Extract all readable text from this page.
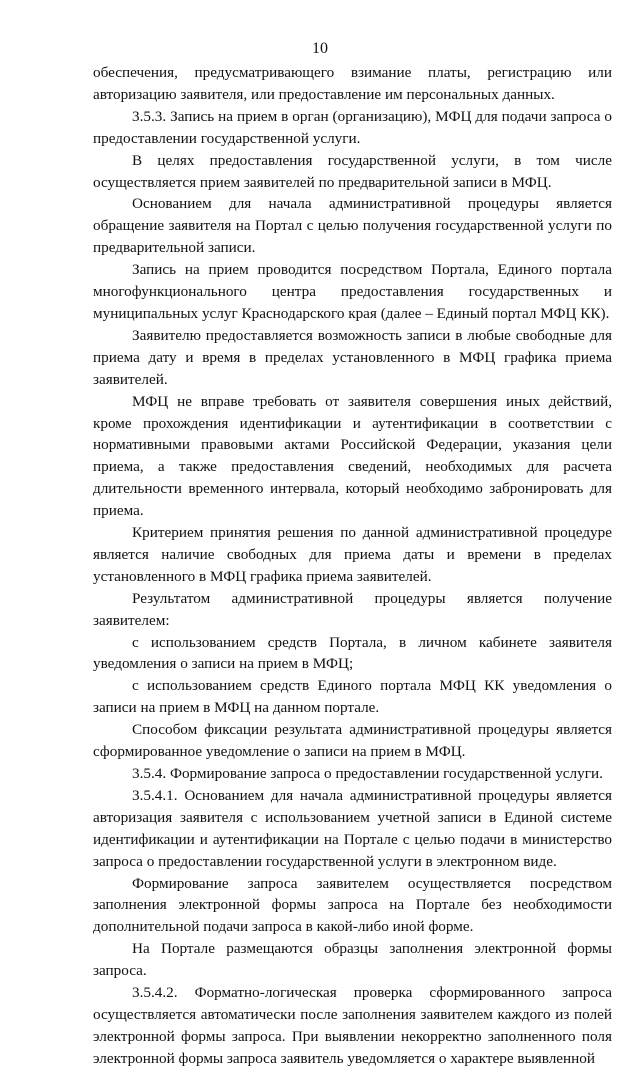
10

обеспечения, предусматривающего взимание платы, регистрацию или авторизацию заявителя, или предоставление им персональных данных.

3.5.3. Запись на прием в орган (организацию), МФЦ для подачи запроса о предоставлении государственной услуги.

В целях предоставления государственной услуги, в том числе осуществляется прием заявителей по предварительной записи в МФЦ.

Основанием для начала административной процедуры является обращение заявителя на Портал с целью получения государственной услуги по предварительной записи.

Запись на прием проводится посредством Портала, Единого портала многофункционального центра предоставления государственных и муниципальных услуг Краснодарского края (далее – Единый портал МФЦ КК).

Заявителю предоставляется возможность записи в любые свободные для приема дату и время в пределах установленного в МФЦ графика приема заявителей.

МФЦ не вправе требовать от заявителя совершения иных действий, кроме прохождения идентификации и аутентификации в соответствии с нормативными правовыми актами Российской Федерации, указания цели приема, а также предоставления сведений, необходимых для расчета длительности временного интервала, который необходимо забронировать для приема.

Критерием принятия решения по данной административной процедуре является наличие свободных для приема даты и времени в пределах установленного в МФЦ графика приема заявителей.

Результатом административной процедуры является получение заявителем:

с использованием средств Портала, в личном кабинете заявителя уведомления о записи на прием в МФЦ;

с использованием средств Единого портала МФЦ КК уведомления о записи на прием в МФЦ на данном портале.

Способом фиксации результата административной процедуры является сформированное уведомление о записи на прием в МФЦ.

3.5.4. Формирование запроса о предоставлении государственной услуги.

3.5.4.1. Основанием для начала административной процедуры является авторизация заявителя с использованием учетной записи в Единой системе идентификации и аутентификации на Портале с целью подачи в министерство запроса о предоставлении государственной услуги в электронном виде.

Формирование запроса заявителем осуществляется посредством заполнения электронной формы запроса на Портале без необходимости дополнительной подачи запроса в какой-либо иной форме.

На Портале размещаются образцы заполнения электронной формы запроса.

3.5.4.2. Форматно-логическая проверка сформированного запроса осуществляется автоматически после заполнения заявителем каждого из полей электронной формы запроса. При выявлении некорректно заполненного поля электронной формы запроса заявитель уведомляется о характере выявленной
